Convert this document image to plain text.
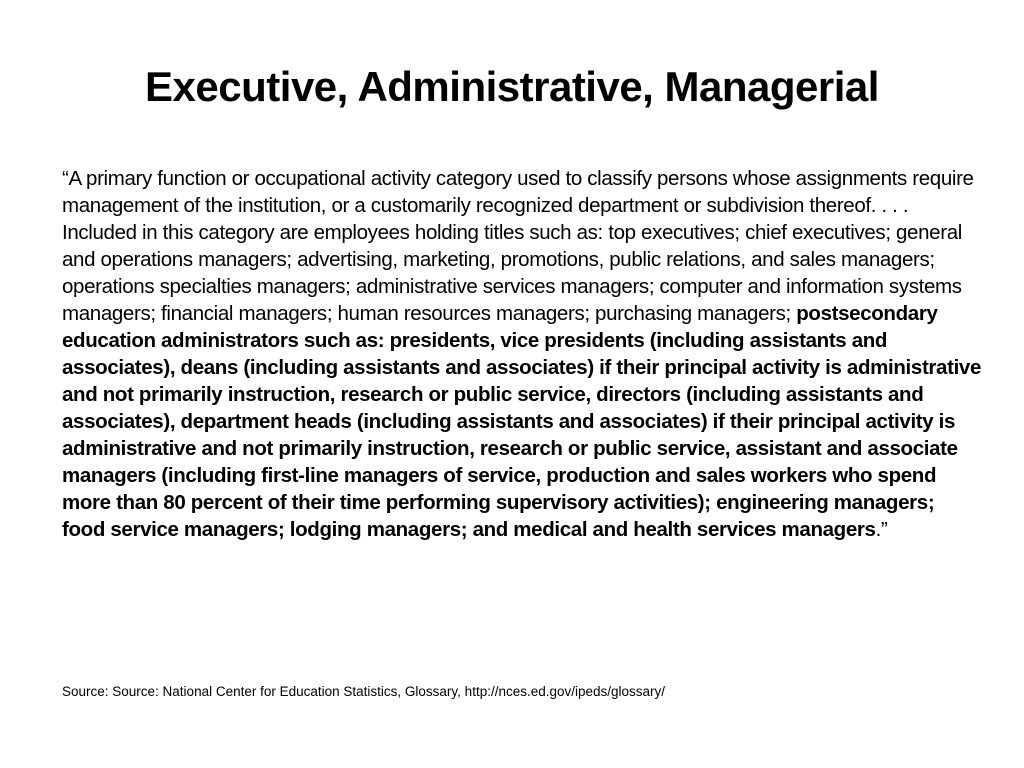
Executive, Administrative, Managerial
“A primary function or occupational activity category used to classify persons whose assignments require management of the institution, or a customarily recognized department or subdivision thereof. . . . Included in this category are employees holding titles such as: top executives; chief executives; general and operations managers; advertising, marketing, promotions, public relations, and sales managers; operations specialties managers; administrative services managers; computer and information systems managers; financial managers; human resources managers; purchasing managers; postsecondary education administrators such as: presidents, vice presidents (including assistants and associates), deans (including assistants and associates) if their principal activity is administrative and not primarily instruction, research or public service, directors (including assistants and associates), department heads (including assistants and associates) if their principal activity is administrative and not primarily instruction, research or public service, assistant and associate managers (including first-line managers of service, production and sales workers who spend more than 80 percent of their time performing supervisory activities); engineering managers; food service managers; lodging managers; and medical and health services managers.”
Source: Source: National Center for Education Statistics, Glossary, http://nces.ed.gov/ipeds/glossary/
